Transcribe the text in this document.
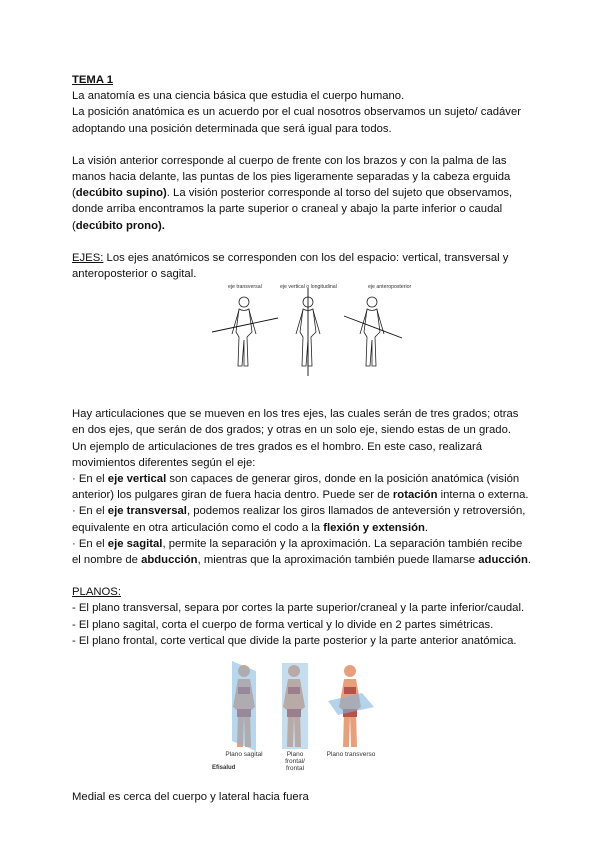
TEMA 1

La anatomía es una ciencia básica que estudia el cuerpo humano.

La posición anatómica es un acuerdo por el cual nosotros observamos un sujeto/ cadáver adoptando una posición determinada que será igual para todos.

La visión anterior corresponde al cuerpo de frente con los brazos y con la palma de las manos hacia delante, las puntas de los pies ligeramente separadas y la cabeza erguida (decúbito supino). La visión posterior corresponde al torso del sujeto que observamos, donde arriba encontramos la parte superior o craneal y abajo la parte inferior o caudal (decúbito prono).

EJES: Los ejes anatómicos se corresponden con los del espacio: vertical, transversal y anteroposterior o sagital.

eje transversal	eje vertical o longitudinal	eje anteroposterior

Hay articulaciones que se mueven en los tres ejes, las cuales serán de tres grados; otras en dos ejes, que serán de dos grados; y otras en un solo eje, siendo estas de un grado.

Un ejemplo de articulaciones de tres grados es el hombro. En este caso, realizará movimientos diferentes según el eje:

· En el eje vertical son capaces de generar giros, donde en la posición anatómica (visión anterior) los pulgares giran de fuera hacia dentro. Puede ser de rotación interna o externa.

· En el eje transversal, podemos realizar los giros llamados de anteversión y retroversión, equivalente en otra articulación como el codo a la flexión y extensión.

· En el eje sagital, permite la separación y la aproximación. La separación también recibe el nombre de abducción, mientras que la aproximación también puede llamarse aducción.

PLANOS:

- El plano transversal, separa por cortes la parte superior/craneal y la parte inferior/caudal.

- El plano sagital, corta el cuerpo de forma vertical y lo divide en 2 partes simétricas.

- El plano frontal, corte vertical que divide la parte posterior y la parte anterior anatómica.

Plano sagital	Plano frontal/ frontal
Plano transverso
Efisalud

Medial es cerca del cuerpo y lateral hacia fuera
